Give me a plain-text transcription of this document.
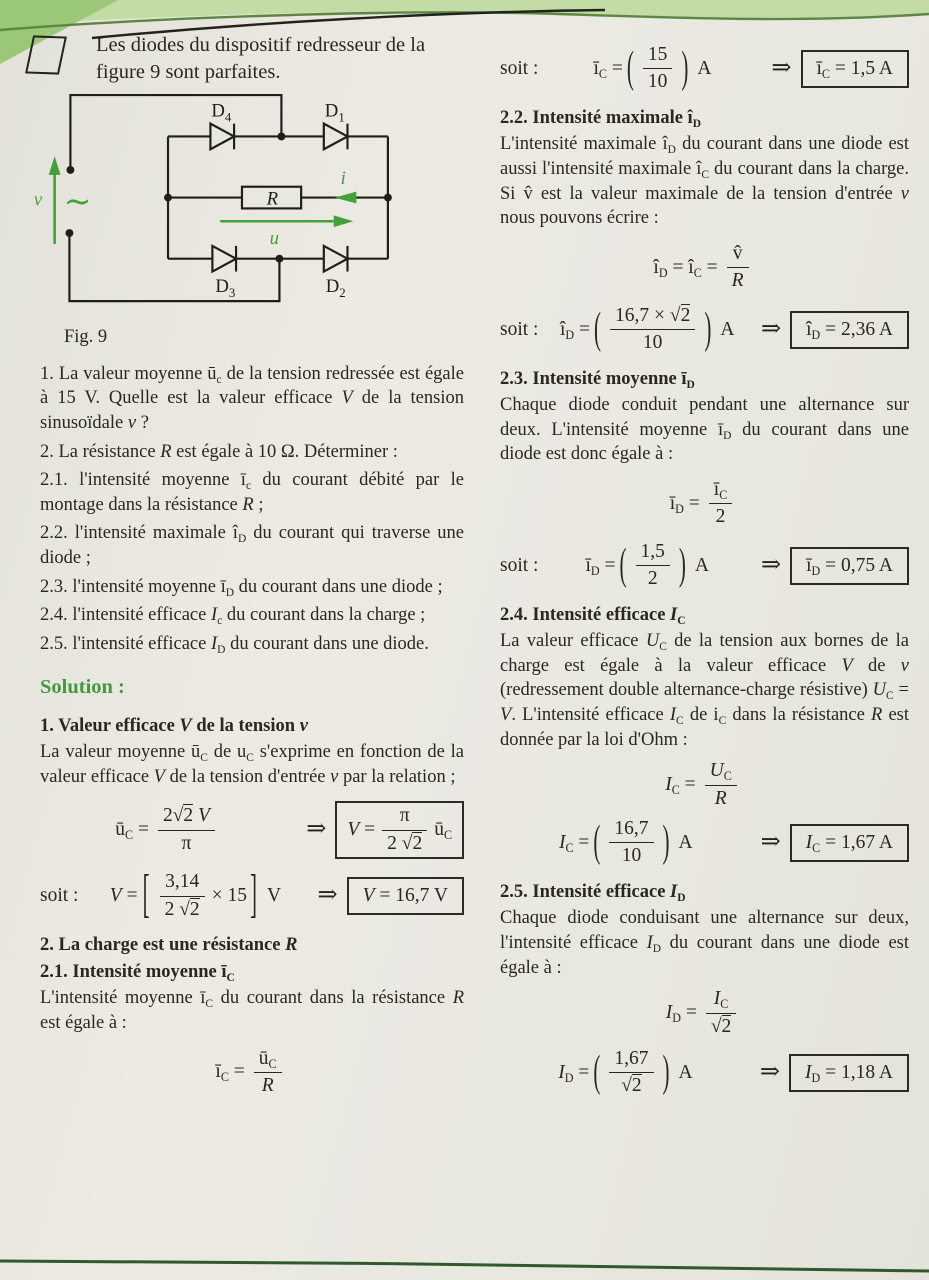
Les diodes du dispositif redresseur de la figure 9 sont parfaites.

R
v ∼
i
u
$D_4$	$D_1$
$D_3$	$D_2$

Fig. 9

1. La valeur moyenne $ū_c$ de la tension redressée est égale à 15 V. Quelle est la valeur efficace V de la tension sinusoïdale v ?

2. La résistance R est égale à 10 Ω. Déterminer :

2.1. l'intensité moyenne $ī_c$ du courant débité par le montage dans la résistance R ;

2.2. l'intensité maximale $î_D$ du courant qui traverse une diode ;

2.3. l'intensité moyenne $ī_D$ du courant dans une diode ;

2.4. l'intensité efficace $I_c$ du courant dans la charge ;

2.5. l'intensité efficace $I_D$ du courant dans une diode.

Solution :

1. Valeur efficace V de la tension v

La valeur moyenne $ū_C$ de $u_C$ s'exprime en fonction de la valeur efficace V de la tension d'entrée v par la relation ;

$ū_C = \frac{2√2 V}{\pi}$	⇒ $V = \frac{\pi}{2 √2}$ $ū_C$
soit : V = [ $\frac{3,14}{2 √2} \times 15$ ] V ⇒	V = 16,7 V

2. La charge est une résistance R

2.1. Intensité moyenne $ī_C$

L'intensité moyenne $ī_C$ du courant dans la résistance R est égale à :

$ī_C = \frac{ū_C}{R}$
soit :	$ī_C$ = ( $\frac{15}{10}$ ) A ⇒	$ī_C = 1,5$ A

2.2. Intensité maximale $î_D$

L'intensité maximale $î_D$ du courant dans une diode est aussi l'intensité maximale $î_C$ du courant dans la charge. Si v̂ est la valeur maximale de la tension d'entrée v nous pouvons écrire :

$î_D$ = $î_C = \frac{v̂}{R}$
soit : $î_D$ = ( $\frac{16,7 \times √2}{10}$ ) A ⇒	$î_D = 2,36$ A

2.3. Intensité moyenne $ī_D$

Chaque diode conduit pendant une alternance sur deux. L'intensité moyenne $ī_D$ du courant dans une diode est donc égale à :

$ī_D = \frac{ī_C}{2}$
soit : $ī_D$ = ( $\frac{1,5}{2}$ ) A ⇒	$ī_D = 0,75$ A

2.4. Intensité efficace $I_C$

La valeur efficace $U_C$ de la tension aux bornes de la charge est égale à la valeur efficace V de v (redressement double alternance-charge résistive) $U_C = V$. L'intensité efficace $I_C$ de $i_C$ dans la résistance R est donnée par la loi d'Ohm :

$I_C = \frac{U_C}{R}$
$I_C$ = ( $\frac{16,7}{10}$ ) A	⇒	$I_C = 1,67$ A

2.5. Intensité efficace $I_D$

Chaque diode conduisant une alternance sur deux, l'intensité efficace $I_D$ du courant dans une diode est égale à :

$I_D = \frac{I_C}{√2}$
$I_D$ = ( $\frac{1,67}{√2}$ ) A	⇒	$I_D = 1,18$ A
